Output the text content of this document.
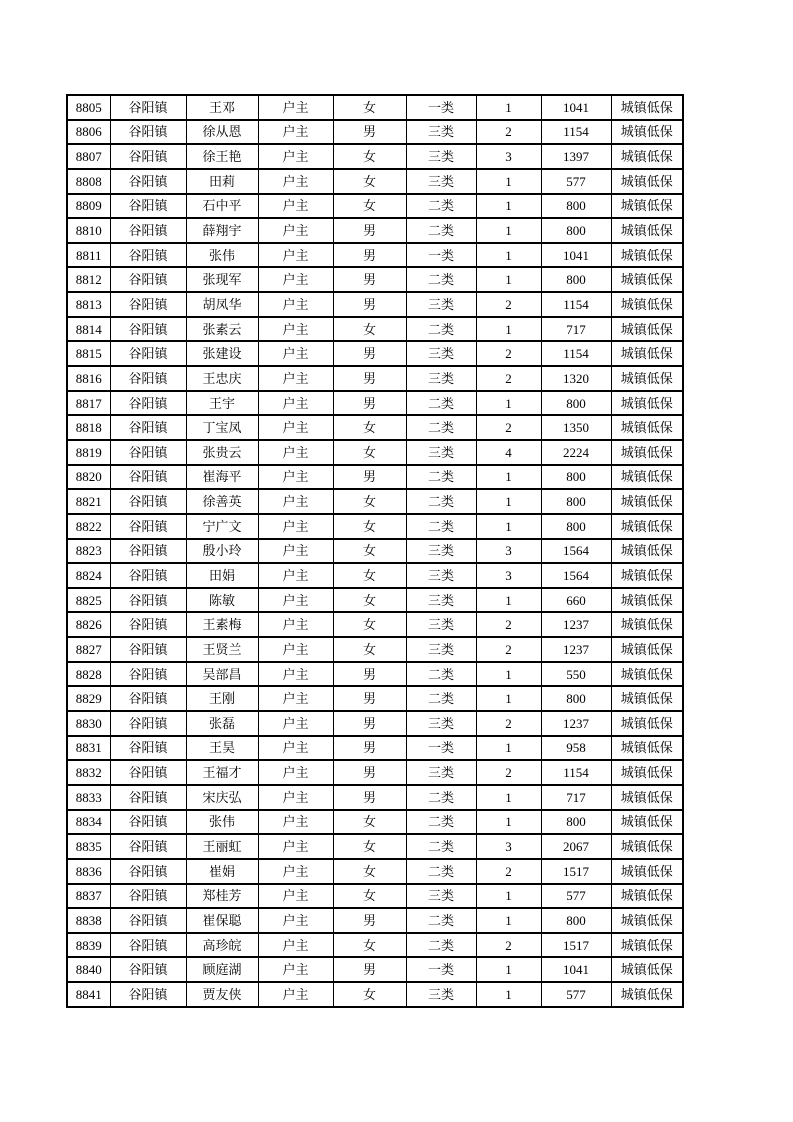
8805	谷阳镇	王邓	户主	女	一类	1	1041	城镇低保
8806	谷阳镇	徐从恩	户主	男	三类	2	1154	城镇低保
8807	谷阳镇	徐王艳	户主	女	三类	3	1397	城镇低保
8808	谷阳镇	田莉	户主	女	三类	1	577	城镇低保
8809	谷阳镇	石中平	户主	女	二类	1	800	城镇低保
8810	谷阳镇	薛翔宇	户主	男	二类	1	800	城镇低保
8811	谷阳镇	张伟	户主	男	一类	1	1041	城镇低保
8812	谷阳镇	张现军	户主	男	二类	1	800	城镇低保
8813	谷阳镇	胡凤华	户主	男	三类	2	1154	城镇低保
8814	谷阳镇	张素云	户主	女	二类	1	717	城镇低保
8815	谷阳镇	张建设	户主	男	三类	2	1154	城镇低保
8816	谷阳镇	王忠庆	户主	男	三类	2	1320	城镇低保
8817	谷阳镇	王宇	户主	男	二类	1	800	城镇低保
8818	谷阳镇	丁宝凤	户主	女	二类	2	1350	城镇低保
8819	谷阳镇	张贵云	户主	女	三类	4	2224	城镇低保
8820	谷阳镇	崔海平	户主	男	二类	1	800	城镇低保
8821	谷阳镇	徐善英	户主	女	二类	1	800	城镇低保
8822	谷阳镇	宁广文	户主	女	二类	1	800	城镇低保
8823	谷阳镇	殷小玲	户主	女	三类	3	1564	城镇低保
8824	谷阳镇	田娟	户主	女	三类	3	1564	城镇低保
8825	谷阳镇	陈敏	户主	女	三类	1	660	城镇低保
8826	谷阳镇	王素梅	户主	女	三类	2	1237	城镇低保
8827	谷阳镇	王贤兰	户主	女	三类	2	1237	城镇低保
8828	谷阳镇	吴部昌	户主	男	二类	1	550	城镇低保
8829	谷阳镇	王刚	户主	男	二类	1	800	城镇低保
8830	谷阳镇	张磊	户主	男	三类	2	1237	城镇低保
8831	谷阳镇	王昊	户主	男	一类	1	958	城镇低保
8832	谷阳镇	王福才	户主	男	三类	2	1154	城镇低保
8833	谷阳镇	宋庆弘	户主	男	二类	1	717	城镇低保
8834	谷阳镇	张伟	户主	女	二类	1	800	城镇低保
8835	谷阳镇	王丽虹	户主	女	二类	3	2067	城镇低保
8836	谷阳镇	崔娟	户主	女	二类	2	1517	城镇低保
8837	谷阳镇	郑桂芳	户主	女	三类	1	577	城镇低保
8838	谷阳镇	崔保聪	户主	男	二类	1	800	城镇低保
8839	谷阳镇	高珍皖	户主	女	二类	2	1517	城镇低保
8840	谷阳镇	顾庭湖	户主	男	一类	1	1041	城镇低保
8841	谷阳镇	贾友侠	户主	女	三类	1	577	城镇低保
